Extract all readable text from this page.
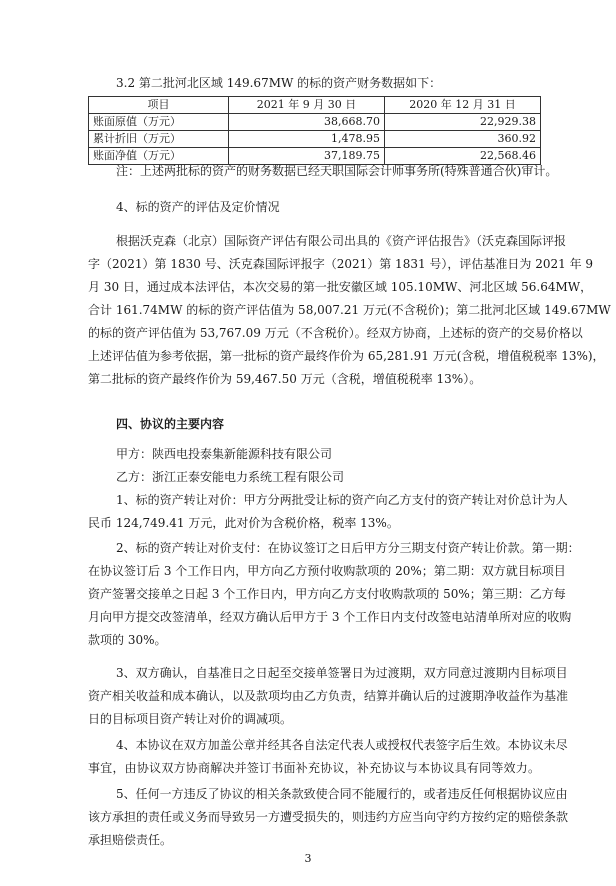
3.2 第二批河北区域 149.67MW 的标的资产财务数据如下：
项目	2021 年 9 月 30 日	2020 年 12 月 31 日
账面原值（万元）	38,668.70	22,929.38
累计折旧（万元）	1,478.95	360.92
账面净值（万元）	37,189.75	22,568.46
注：上述两批标的资产的财务数据已经天职国际会计师事务所(特殊普通合伙)审计。
4、标的资产的评估及定价情况
根据沃克森（北京）国际资产评估有限公司出具的《资产评估报告》（沃克森国际评报
字（2021）第 1830 号、沃克森国际评报字（2021）第 1831 号），评估基准日为 2021 年 9
月 30 日，通过成本法评估，本次交易的第一批安徽区域 105.10MW、河北区域 56.64MW，
合计 161.74MW 的标的资产评估值为 58,007.21 万元(不含税价)；第二批河北区域 149.67MW
的标的资产评估值为 53,767.09 万元（不含税价）。经双方协商，上述标的资产的交易价格以
上述评估值为参考依据，第一批标的资产最终作价为 65,281.91 万元(含税，增值税税率 13%)，
第二批标的资产最终作价为 59,467.50 万元（含税，增值税税率 13%）。
四、协议的主要内容
甲方：陕西电投泰集新能源科技有限公司
乙方：浙江正泰安能电力系统工程有限公司
1、标的资产转让对价：甲方分两批受让标的资产向乙方支付的资产转让对价总计为人
民币 124,749.41 万元，此对价为含税价格，税率 13%。
2、标的资产转让对价支付：在协议签订之日后甲方分三期支付资产转让价款。第一期：
在协议签订后 3 个工作日内，甲方向乙方预付收购款项的 20%；第二期：双方就目标项目
资产签署交接单之日起 3 个工作日内，甲方向乙方支付收购款项的 50%；第三期：乙方每
月向甲方提交改签清单，经双方确认后甲方于 3 个工作日内支付改签电站清单所对应的收购
款项的 30%。
3、双方确认，自基准日之日起至交接单签署日为过渡期，双方同意过渡期内目标项目
资产相关收益和成本确认，以及款项均由乙方负责，结算并确认后的过渡期净收益作为基准
日的目标项目资产转让对价的调减项。
4、本协议在双方加盖公章并经其各自法定代表人或授权代表签字后生效。本协议未尽
事宜，由协议双方协商解决并签订书面补充协议，补充协议与本协议具有同等效力。
5、任何一方违反了协议的相关条款致使合同不能履行的，或者违反任何根据协议应由
该方承担的责任或义务而导致另一方遭受损失的，则违约方应当向守约方按约定的赔偿条款
承担赔偿责任。
3
